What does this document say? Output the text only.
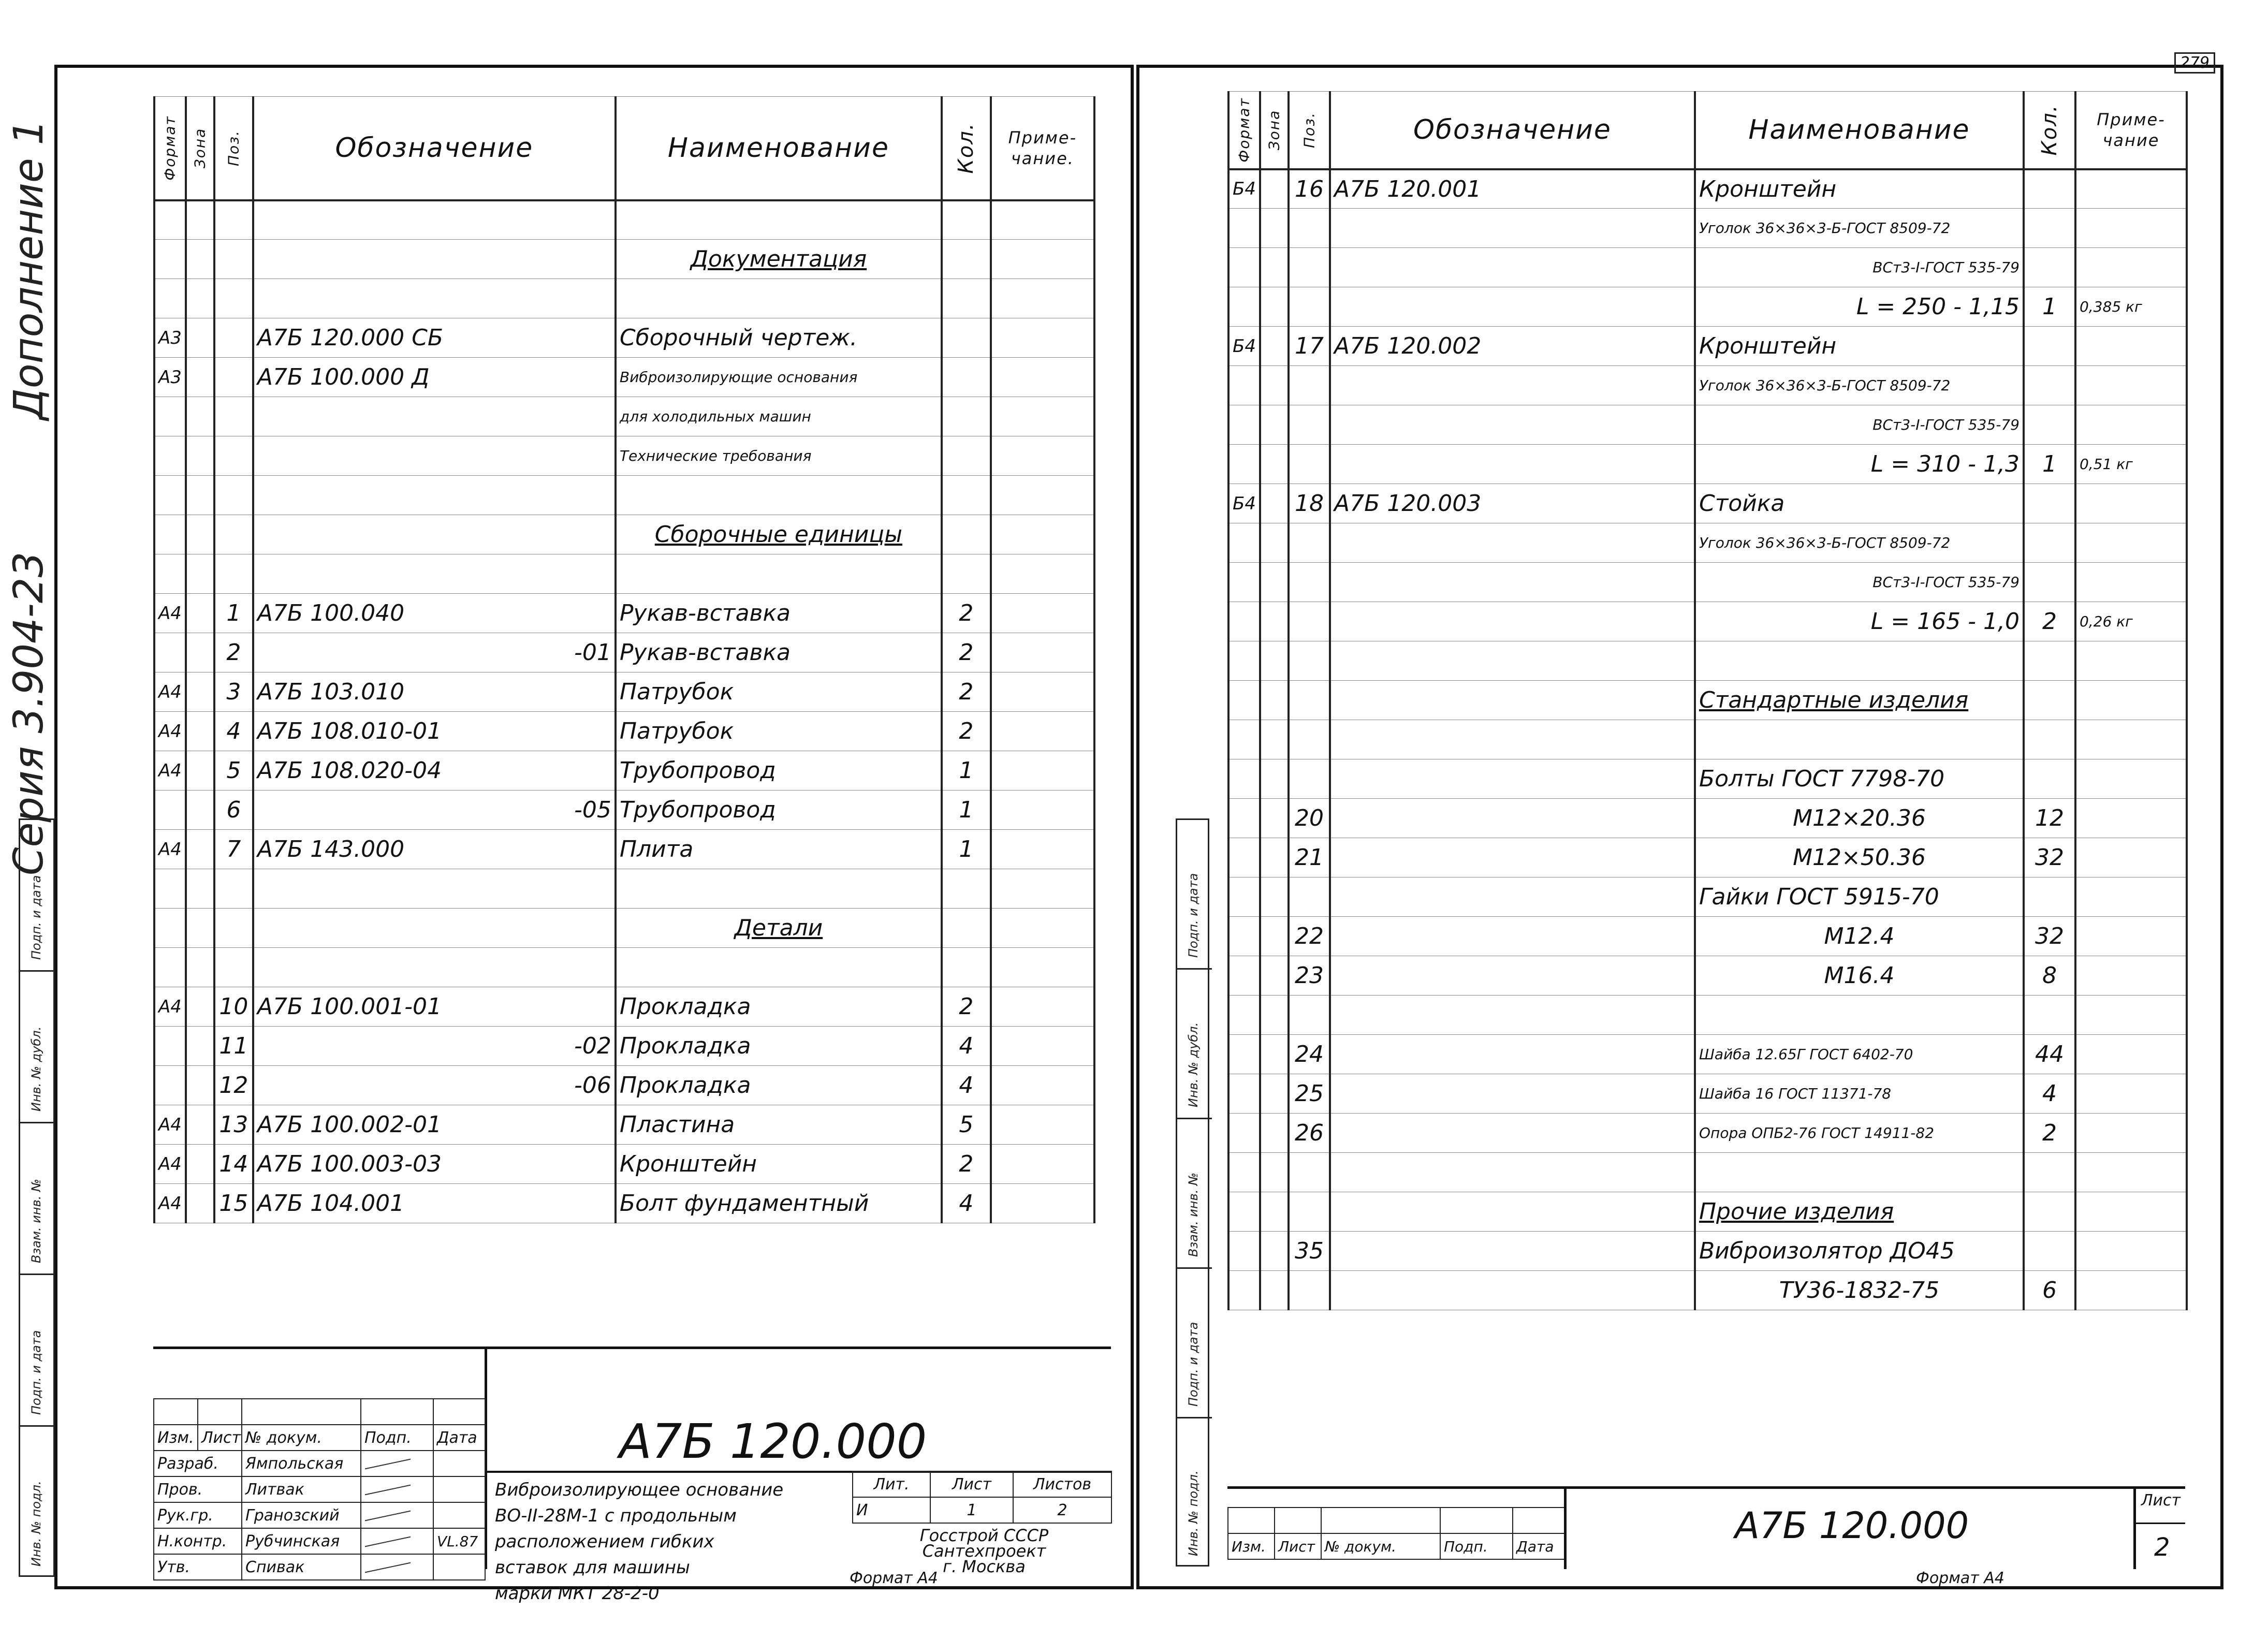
Дополнение 1
Серия 3.904-23
Подп. и дата
Инв. № дубл.
Взам. инв. №
Подп. и дата
Инв. № подл.
Формат	Зона	Поз.	Обозначение	Наименование	Кол.	Приме-чание.

				Документация		

А3			А7Б 120.000 СБ	Сборочный чертеж.		
А3			А7Б 100.000 Д	Виброизолирующие основания		
				для холодильных машин		
				Технические требования		

				Сборочные единицы		

А4		1	А7Б 100.040	Рукав-вставка	2	
		2	-01	Рукав-вставка	2	
А4		3	А7Б 103.010	Патрубок	2	
А4		4	А7Б 108.010-01	Патрубок	2	
А4		5	А7Б 108.020-04	Трубопровод	1	
		6	-05	Трубопровод	1	
А4		7	А7Б 143.000	Плита	1	

				Детали		

А4		10	А7Б 100.001-01	Прокладка	2	
		11	-02	Прокладка	4	
		12	-06	Прокладка	4	
А4		13	А7Б 100.002-01	Пластина	5	
А4		14	А7Б 100.003-03	Кронштейн	2	
А4		15	А7Б 104.001	Болт фундаментный	4	
А7Б 120.000

Изм.	Лист	№ докум.	Подп.	Дата
Разраб.	Ямпольская		
Пров.	Литвак		
Рук.гр.	Гранозский		
Н.контр.	Рубчинская		VL.87
Утв.	Спивак		
Виброизолирующее основание
ВО-II-28М-1 с продольным
расположением гибких
вставок для машины
марки МКТ 28-2-0
Лит.	Лист	Листов
И	1	2
Госстрой СССР
Сантехпроект
г. Москва
Формат А4
279
Подп. и дата
Инв. № дубл.
Взам. инв. №
Подп. и дата
Инв. № подл.
Формат	Зона	Поз.	Обозначение	Наименование	Кол.	Приме-чание
Б4		16	А7Б 120.001	Кронштейн		
				Уголок 36×36×3-Б-ГОСТ 8509-72		
				ВСт3-I-ГОСТ 535-79		
				L = 250 - 1,15	1	0,385 кг
Б4		17	А7Б 120.002	Кронштейн		
				Уголок 36×36×3-Б-ГОСТ 8509-72		
				ВСт3-I-ГОСТ 535-79		
				L = 310 - 1,3	1	0,51 кг
Б4		18	А7Б 120.003	Стойка		
				Уголок 36×36×3-Б-ГОСТ 8509-72		
				ВСт3-I-ГОСТ 535-79		
				L = 165 - 1,0	2	0,26 кг

				Стандартные изделия		

				Болты ГОСТ 7798-70		
		20		М12×20.36	12	
		21		М12×50.36	32	
				Гайки ГОСТ 5915-70		
		22		М12.4	32	
		23		М16.4	8	

		24		Шайба 12.65Г ГОСТ 6402-70	44	
		25		Шайба 16 ГОСТ 11371-78	4	
		26		Опора ОПБ2-76 ГОСТ 14911-82	2	

				Прочие изделия		
		35		Виброизолятор ДО45		
				ТУ36-1832-75	6	

Изм.	Лист	№ докум.	Подп.	Дата	А7Б 120.000
Лист
2
Формат А4
